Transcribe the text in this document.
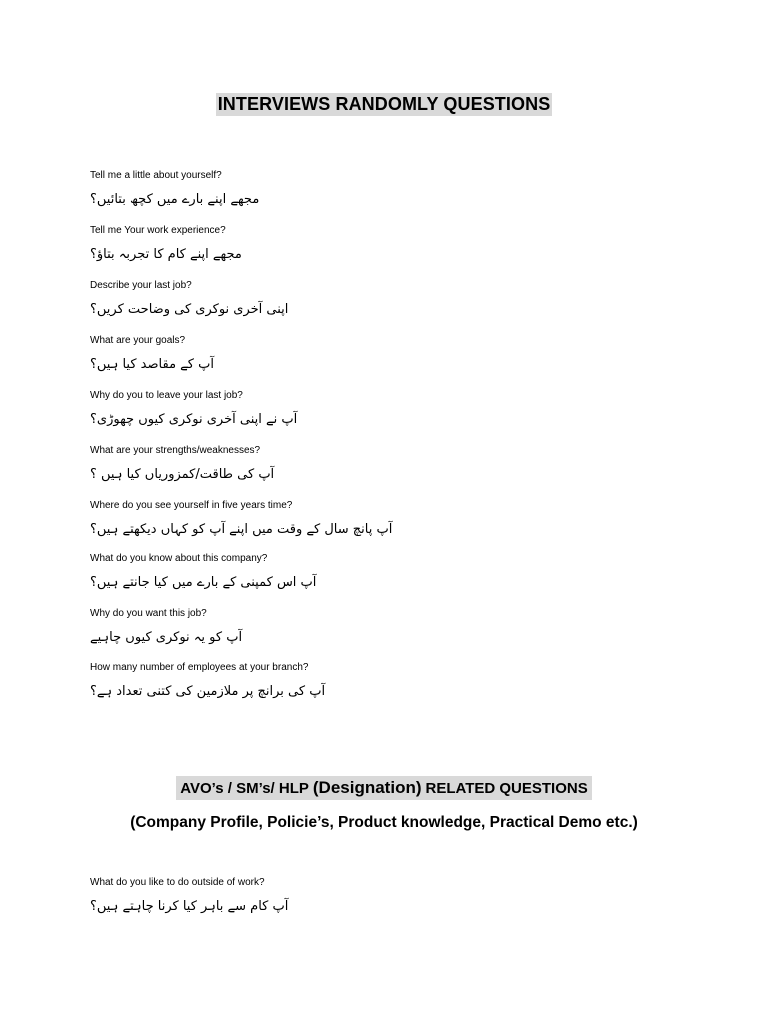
INTERVIEWS RANDOMLY QUESTIONS
Tell me a little about yourself?
مجھے اپنے بارے میں کچھ بتائیں؟
Tell me Your work experience?
مجھے اپنے کام کا تجربہ بتاؤ؟
Describe your last job?
اپنی آخری نوکری کی وضاحت کریں؟
What are your goals?
آپ کے مقاصد کیا ہیں؟
Why do you to leave your last job?
آپ نے اپنی آخری نوکری کیوں چھوڑی؟
What are your strengths/weaknesses?
آپ کی طاقت/کمزوریاں کیا ہیں ؟
Where do you see yourself in five years time?
آپ پانچ سال کے وقت میں اپنے آپ کو کہاں دیکھتے ہیں؟
What do you know about this company?
آپ اس کمپنی کے بارے میں کیا جانتے ہیں؟
Why do you want this job?
آپ کو یہ نوکری کیوں چاہیے
How many number of employees at your branch?
آپ کی برانچ پر ملازمین کی کتنی تعداد ہے؟
AVO’s / SM’s/ HLP(Designation)RELATED QUESTIONS
(Company Profile, Policie’s, Product knowledge, Practical Demo etc.)
What do you like to do outside of work?
آپ کام سے باہر کیا کرنا چاہتے ہیں؟
